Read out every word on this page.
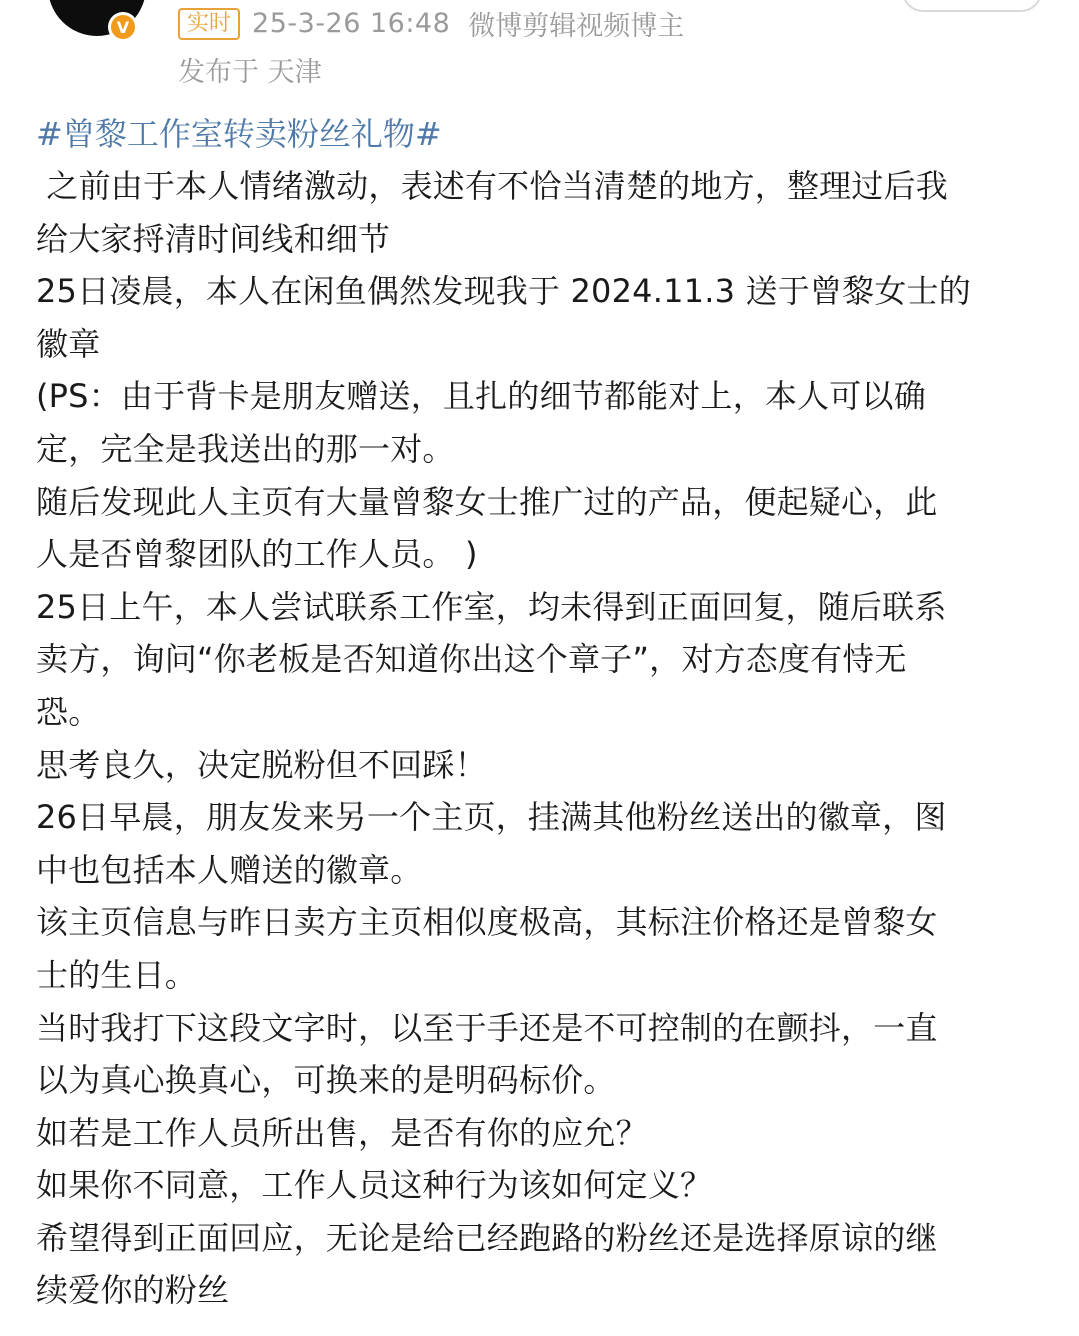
V	实时 25-3-26 16:48 微博剪辑视频博主
发布于 天津
#曾黎工作室转卖粉丝礼物#

之前由于本人情绪激动，表述有不恰当清楚的地方，整理过后我
给大家捋清时间线和细节

25日凌晨，本人在闲鱼偶然发现我于 2024.11.3 送于曾黎女士的
徽章

(PS：由于背卡是朋友赠送，且扎的细节都能对上，本人可以确
定，完全是我送出的那一对。

随后发现此人主页有大量曾黎女士推广过的产品，便起疑心，此
人是否曾黎团队的工作人员。 )

25日上午，本人尝试联系工作室，均未得到正面回复，随后联系
卖方，询问“你老板是否知道你出这个章子”，对方态度有恃无
恐。

思考良久，决定脱粉但不回踩！

26日早晨，朋友发来另一个主页，挂满其他粉丝送出的徽章，图
中也包括本人赠送的徽章。

该主页信息与昨日卖方主页相似度极高，其标注价格还是曾黎女
士的生日。

当时我打下这段文字时，以至于手还是不可控制的在颤抖，一直
以为真心换真心，可换来的是明码标价。

如若是工作人员所出售，是否有你的应允？

如果你不同意，工作人员这种行为该如何定义？

希望得到正面回应，无论是给已经跑路的粉丝还是选择原谅的继
续爱你的粉丝
